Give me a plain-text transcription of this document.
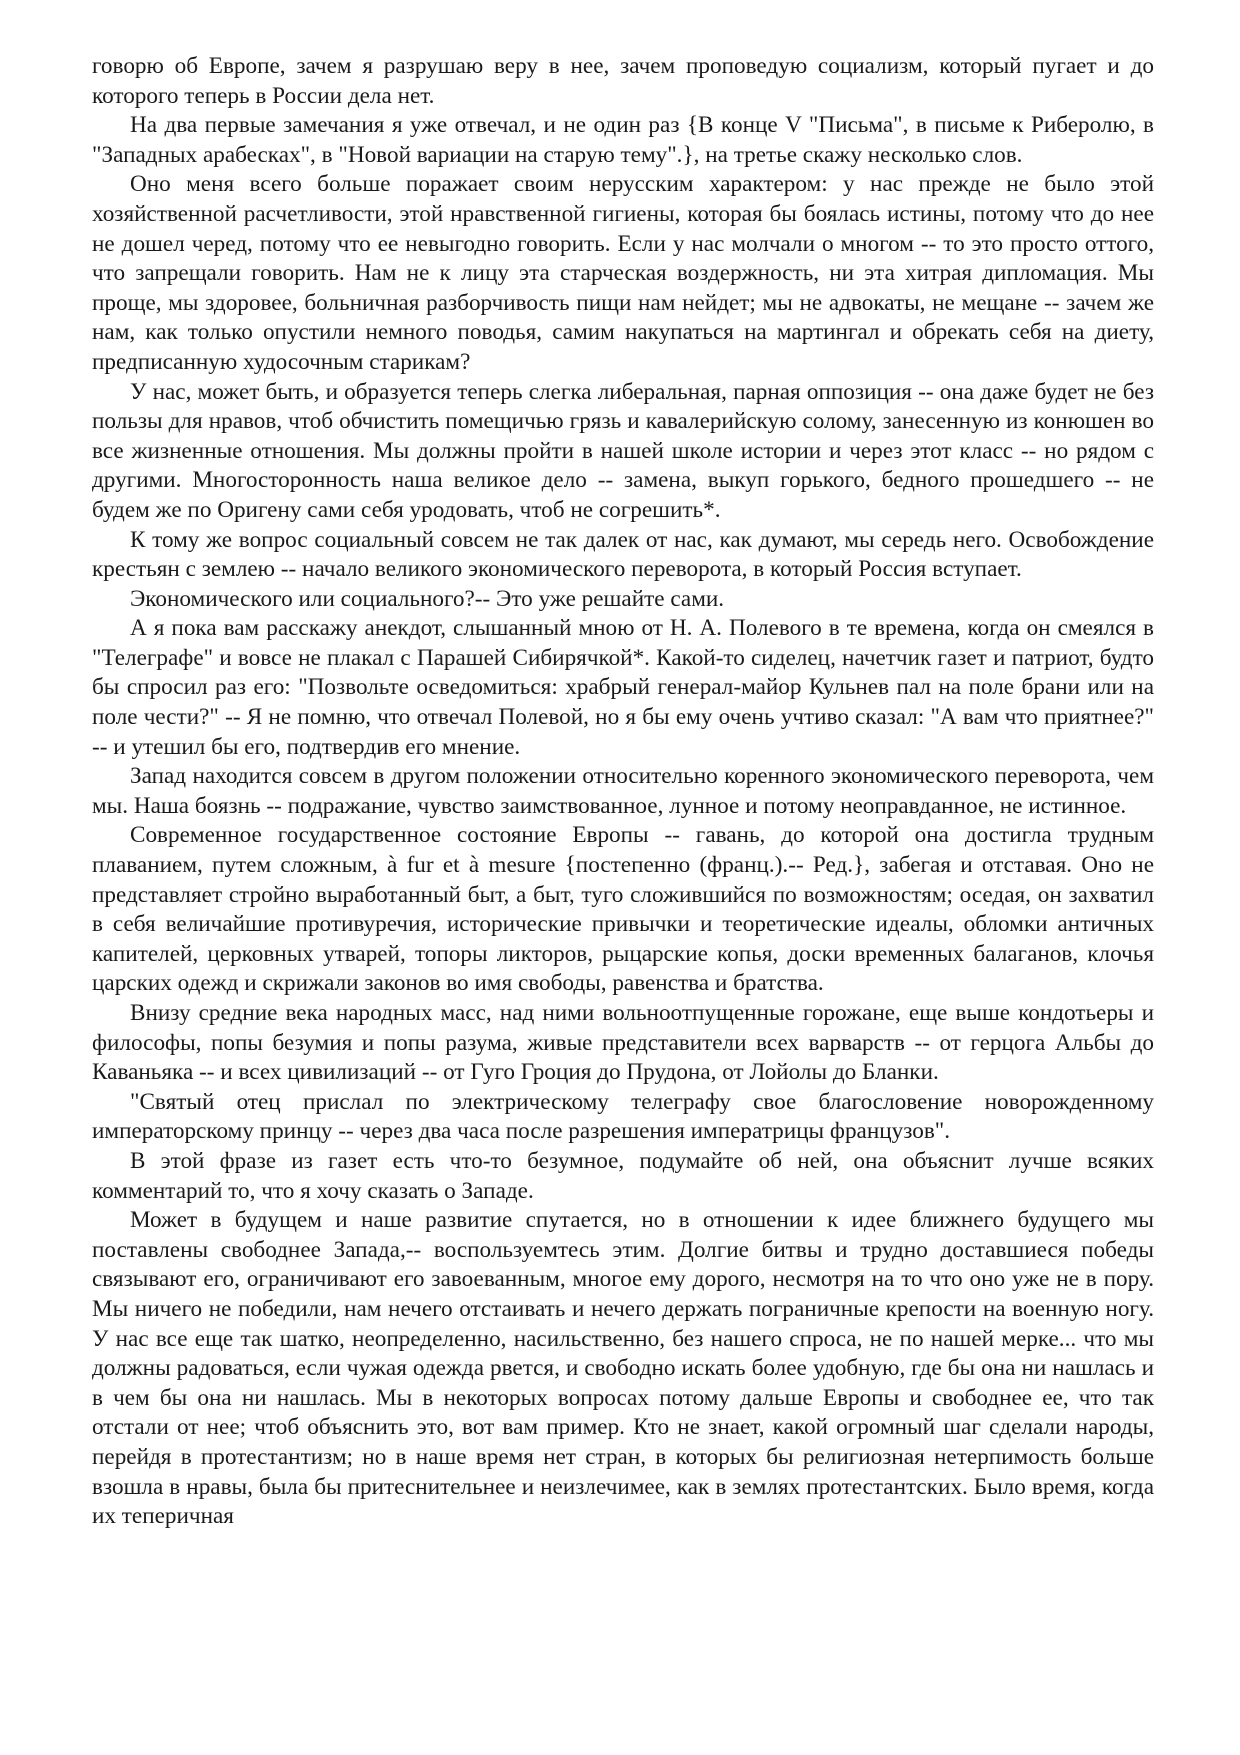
говорю об Европе, зачем я разрушаю веру в нее, зачем проповедую социализм, который пугает и до которого теперь в России дела нет.

На два первые замечания я уже отвечал, и не один раз {В конце V "Письма", в письме к Риберолю, в "Западных арабесках", в "Новой вариации на старую тему".}, на третье скажу несколько слов.

Оно меня всего больше поражает своим нерусским характером: у нас прежде не было этой хозяйственной расчетливости, этой нравственной гигиены, которая бы боялась истины, потому что до нее не дошел черед, потому что ее невыгодно говорить. Если у нас молчали о многом -- то это просто оттого, что запрещали говорить. Нам не к лицу эта старческая воздержность, ни эта хитрая дипломация. Мы проще, мы здоровее, больничная разборчивость пищи нам нейдет; мы не адвокаты, не мещане -- зачем же нам, как только опустили немного поводья, самим накупаться на мартингал и обрекать себя на диету, предписанную худосочным старикам?

У нас, может быть, и образуется теперь слегка либеральная, парная оппозиция -- она даже будет не без пользы для нравов, чтоб обчистить помещичью грязь и кавалерийскую солому, занесенную из конюшен во все жизненные отношения. Мы должны пройти в нашей школе истории и через этот класс -- но рядом с другими. Многосторонность наша великое дело -- замена, выкуп горького, бедного прошедшего -- не будем же по Оригену сами себя уродовать, чтоб не согрешить*.

К тому же вопрос социальный совсем не так далек от нас, как думают, мы середь него. Освобождение крестьян с землею -- начало великого экономического переворота, в который Россия вступает.

Экономического или социального?-- Это уже решайте сами.

А я пока вам расскажу анекдот, слышанный мною от Н. А. Полевого в те времена, когда он смеялся в "Телеграфе" и вовсе не плакал с Парашей Сибирячкой*. Какой-то сиделец, начетчик газет и патриот, будто бы спросил раз его: "Позвольте осведомиться: храбрый генерал-майор Кульнев пал на поле брани или на поле чести?" -- Я не помню, что отвечал Полевой, но я бы ему очень учтиво сказал: "А вам что приятнее?" -- и утешил бы его, подтвердив его мнение.

Запад находится совсем в другом положении относительно коренного экономического переворота, чем мы. Наша боязнь -- подражание, чувство заимствованное, лунное и потому неоправданное, не истинное.

Современное государственное состояние Европы -- гавань, до которой она достигла трудным плаванием, путем сложным, à fur et à mesure {постепенно (франц.).-- Ред.}, забегая и отставая. Оно не представляет стройно выработанный быт, а быт, туго сложившийся по возможностям; оседая, он захватил в себя величайшие противуречия, исторические привычки и теоретические идеалы, обломки античных капителей, церковных утварей, топоры ликторов, рыцарские копья, доски временных балаганов, клочья царских одежд и скрижали законов во имя свободы, равенства и братства.

Внизу средние века народных масс, над ними вольноотпущенные горожане, еще выше кондотьеры и философы, попы безумия и попы разума, живые представители всех варварств -- от герцога Альбы до Каваньяка -- и всех цивилизаций -- от Гуго Гроция до Прудона, от Лойолы до Бланки.

"Святый отец прислал по электрическому телеграфу свое благословение новорожденному императорскому принцу -- через два часа после разрешения императрицы французов".

В этой фразе из газет есть что-то безумное, подумайте об ней, она объяснит лучше всяких комментарий то, что я хочу сказать о Западе.

Может в будущем и наше развитие спутается, но в отношении к идее ближнего будущего мы поставлены свободнее Запада,-- воспользуемтесь этим. Долгие битвы и трудно доставшиеся победы связывают его, ограничивают его завоеванным, многое ему дорого, несмотря на то что оно уже не в пору. Мы ничего не победили, нам нечего отстаивать и нечего держать пограничные крепости на военную ногу. У нас все еще так шатко, неопределенно, насильственно, без нашего спроса, не по нашей мерке... что мы должны радоваться, если чужая одежда рвется, и свободно искать более удобную, где бы она ни нашлась и в чем бы она ни нашлась. Мы в некоторых вопросах потому дальше Европы и свободнее ее, что так отстали от нее; чтоб объяснить это, вот вам пример. Кто не знает, какой огромный шаг сделали народы, перейдя в протестантизм; но в наше время нет стран, в которых бы религиозная нетерпимость больше взошла в нравы, была бы притеснительнее и неизлечимее, как в землях протестантских. Было время, когда их теперичная
